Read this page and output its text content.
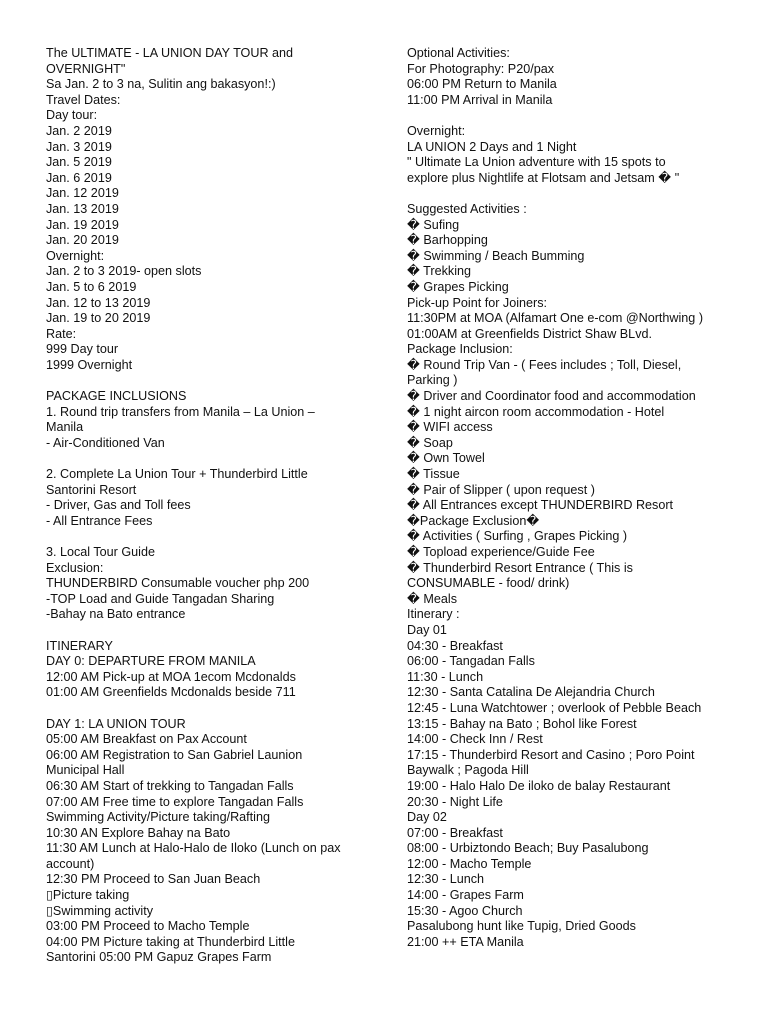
The ULTIMATE - LA UNION DAY TOUR and
OVERNIGHT"
Sa Jan. 2 to 3 na, Sulitin ang bakasyon!:)
Travel Dates:
Day tour:
Jan. 2 2019
Jan. 3 2019
Jan. 5 2019
Jan. 6 2019
Jan. 12 2019
Jan. 13 2019
Jan. 19 2019
Jan. 20 2019
Overnight:
Jan. 2 to 3 2019- open slots
Jan. 5 to 6 2019
Jan. 12 to 13 2019
Jan. 19 to 20 2019
Rate:
999 Day tour
1999 Overnight
PACKAGE INCLUSIONS
1. Round trip transfers from Manila – La Union –
Manila
- Air-Conditioned Van
2. Complete La Union Tour + Thunderbird Little
Santorini Resort
- Driver, Gas and Toll fees
- All Entrance Fees
3. Local Tour Guide
Exclusion:
THUNDERBIRD Consumable voucher php 200
-TOP Load and Guide Tangadan Sharing
-Bahay na Bato entrance
ITINERARY
DAY 0: DEPARTURE FROM MANILA
12:00 AM Pick-up at MOA 1ecom Mcdonalds
01:00 AM Greenfields Mcdonalds beside 711
DAY 1: LA UNION TOUR
05:00 AM Breakfast on Pax Account
06:00 AM Registration to San Gabriel Launion
Municipal Hall
06:30 AM Start of trekking to Tangadan Falls
07:00 AM Free time to explore Tangadan Falls
Swimming Activity/Picture taking/Rafting
10:30 AN Explore Bahay na Bato
11:30 AM Lunch at Halo-Halo de Iloko (Lunch on pax
account)
12:30 PM Proceed to San Juan Beach
▯Picture taking
▯Swimming activity
03:00 PM Proceed to Macho Temple
04:00 PM Picture taking at Thunderbird Little
Santorini 05:00 PM Gapuz Grapes Farm
Optional Activities:
For Photography: P20/pax
06:00 PM Return to Manila
11:00 PM Arrival in Manila
Overnight:
LA UNION 2 Days and 1 Night
" Ultimate La Union adventure with 15 spots to
explore plus Nightlife at Flotsam and Jetsam � "
Suggested Activities :
� Sufing
� Barhopping
� Swimming / Beach Bumming
� Trekking
� Grapes Picking
Pick-up Point for Joiners:
11:30PM at MOA (Alfamart One e-com @Northwing )
01:00AM at Greenfields District Shaw BLvd.
Package Inclusion:
� Round Trip Van - ( Fees includes ; Toll, Diesel,
Parking )
� Driver and Coordinator food and accommodation
� 1 night aircon room accommodation - Hotel
� WIFI access
� Soap
� Own Towel
� Tissue
� Pair of Slipper ( upon request )
� All Entrances except THUNDERBIRD Resort
�Package Exclusion�
� Activities ( Surfing , Grapes Picking )
� Topload experience/Guide Fee
� Thunderbird Resort Entrance ( This is
CONSUMABLE - food/ drink)
� Meals
Itinerary :
Day 01
04:30 - Breakfast
06:00 - Tangadan Falls
11:30 - Lunch
12:30 - Santa Catalina De Alejandria Church
12:45 - Luna Watchtower ; overlook of Pebble Beach
13:15 - Bahay na Bato ; Bohol like Forest
14:00 - Check Inn / Rest
17:15 - Thunderbird Resort and Casino ; Poro Point
Baywalk ; Pagoda Hill
19:00 - Halo Halo De iloko de balay Restaurant
20:30 - Night Life
Day 02
07:00 - Breakfast
08:00 - Urbiztondo Beach; Buy Pasalubong
12:00 - Macho Temple
12:30 - Lunch
14:00 - Grapes Farm
15:30 - Agoo Church
Pasalubong hunt like Tupig, Dried Goods
21:00 ++ ETA Manila
